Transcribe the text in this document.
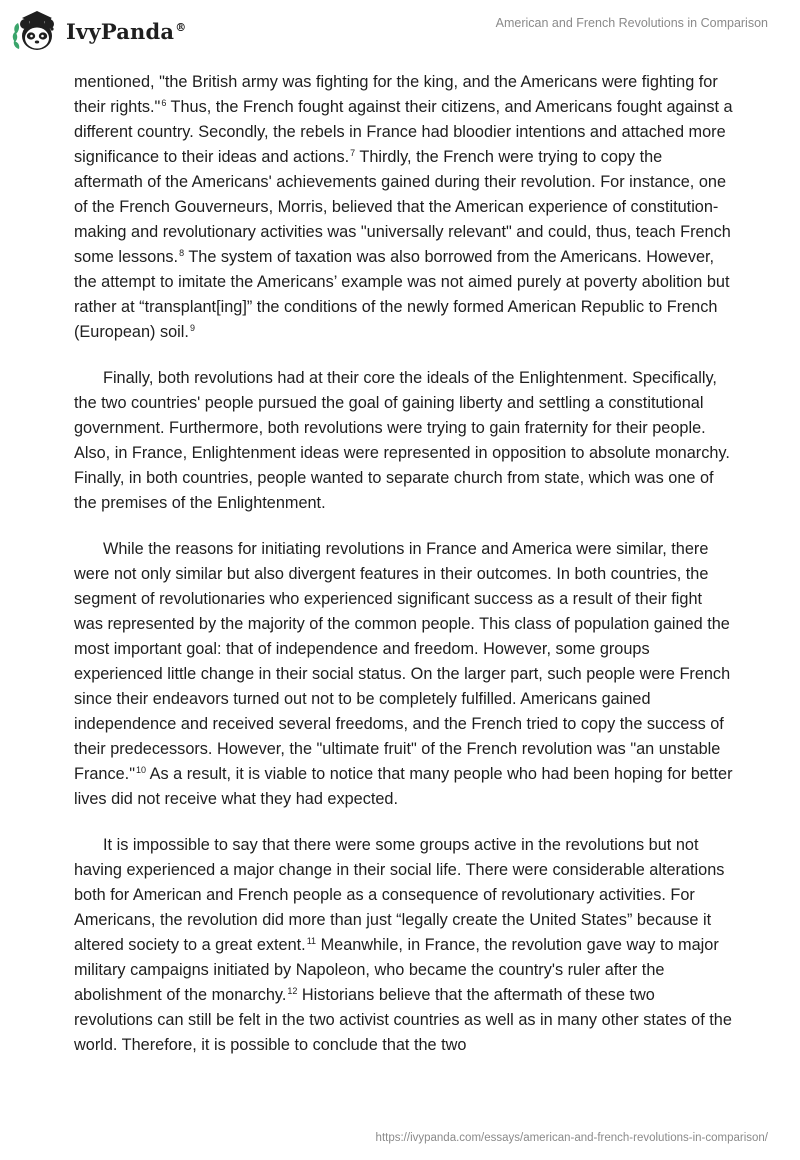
IvyPanda®	American and French Revolutions in Comparison

mentioned, "the British army was fighting for the king, and the Americans were fighting for their rights."$^6$ Thus, the French fought against their citizens, and Americans fought against a different country. Secondly, the rebels in France had bloodier intentions and attached more significance to their ideas and actions.$^7$ Thirdly, the French were trying to copy the aftermath of the Americans' achievements gained during their revolution. For instance, one of the French Gouverneurs, Morris, believed that the American experience of constitution-making and revolutionary activities was "universally relevant" and could, thus, teach French some lessons.$^8$ The system of taxation was also borrowed from the Americans. However, the attempt to imitate the Americans’ example was not aimed purely at poverty abolition but rather at “transplant[ing]” the conditions of the newly formed American Republic to French (European) soil.$^9$

Finally, both revolutions had at their core the ideals of the Enlightenment. Specifically, the two countries' people pursued the goal of gaining liberty and settling a constitutional government. Furthermore, both revolutions were trying to gain fraternity for their people. Also, in France, Enlightenment ideas were represented in opposition to absolute monarchy. Finally, in both countries, people wanted to separate church from state, which was one of the premises of the Enlightenment.

While the reasons for initiating revolutions in France and America were similar, there were not only similar but also divergent features in their outcomes. In both countries, the segment of revolutionaries who experienced significant success as a result of their fight was represented by the majority of the common people. This class of population gained the most important goal: that of independence and freedom. However, some groups experienced little change in their social status. On the larger part, such people were French since their endeavors turned out not to be completely fulfilled. Americans gained independence and received several freedoms, and the French tried to copy the success of their predecessors. However, the "ultimate fruit" of the French revolution was "an unstable France."$^{10}$ As a result, it is viable to notice that many people who had been hoping for better lives did not receive what they had expected.

It is impossible to say that there were some groups active in the revolutions but not having experienced a major change in their social life. There were considerable alterations both for American and French people as a consequence of revolutionary activities. For Americans, the revolution did more than just “legally create the United States” because it altered society to a great extent.$^{11}$ Meanwhile, in France, the revolution gave way to major military campaigns initiated by Napoleon, who became the country's ruler after the abolishment of the monarchy.$^{12}$ Historians believe that the aftermath of these two revolutions can still be felt in the two activist countries as well as in many other states of the world. Therefore, it is possible to conclude that the two

https://ivypanda.com/essays/american-and-french-revolutions-in-comparison/
